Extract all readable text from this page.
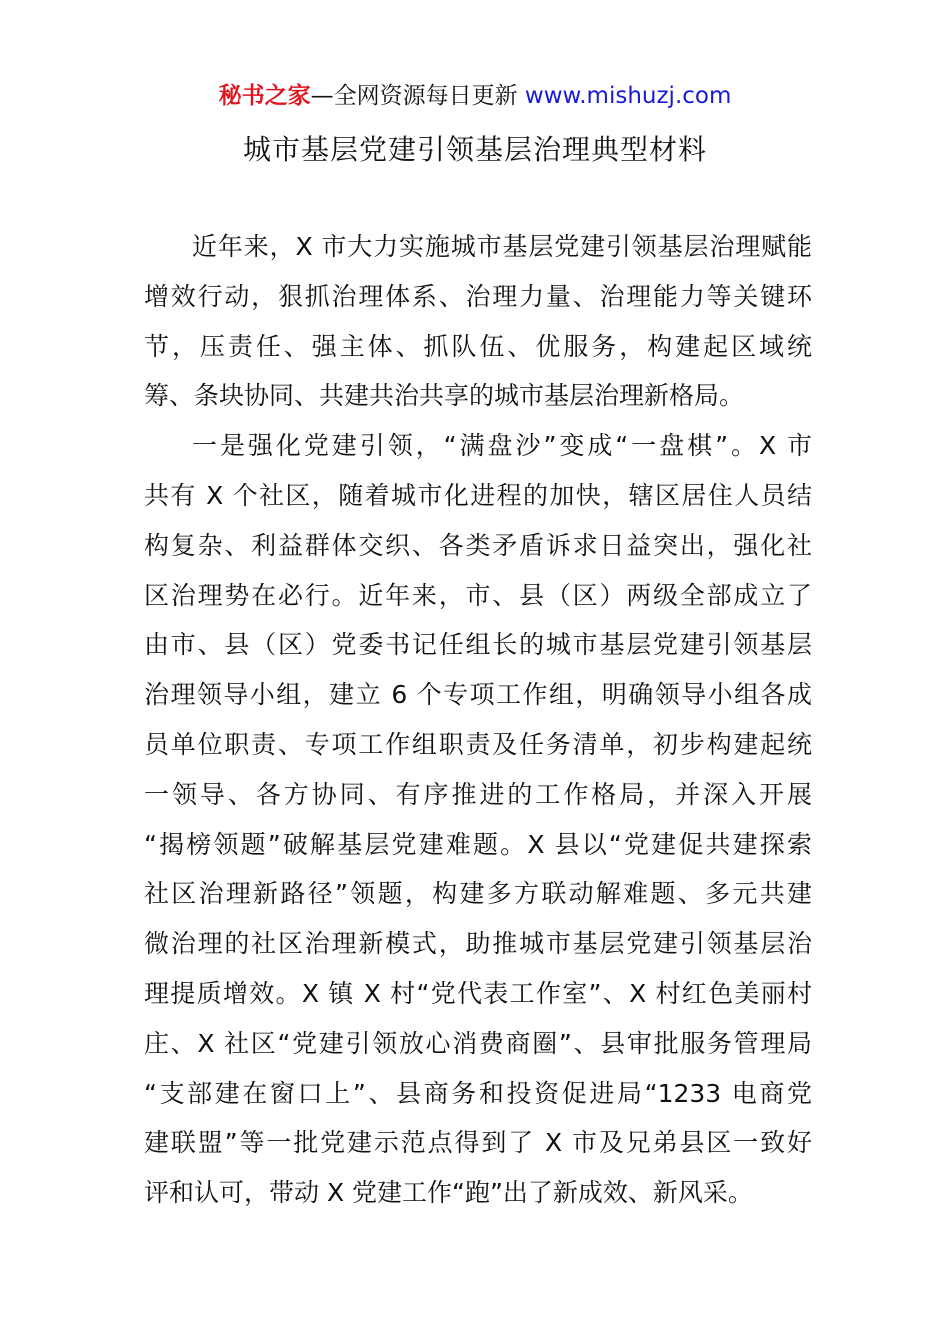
秘书之家—全网资源每日更新 www.mishuzj.com
城市基层党建引领基层治理典型材料
近年来，X 市大力实施城市基层党建引领基层治理赋能
增效行动，狠抓治理体系、治理力量、治理能力等关键环
节，压责任、强主体、抓队伍、优服务，构建起区域统
筹、条块协同、共建共治共享的城市基层治理新格局。
一是强化党建引领，“满盘沙”变成“一盘棋”。X 市
共有 X 个社区，随着城市化进程的加快，辖区居住人员结
构复杂、利益群体交织、各类矛盾诉求日益突出，强化社
区治理势在必行。近年来，市、县（区）两级全部成立了
由市、县（区）党委书记任组长的城市基层党建引领基层
治理领导小组，建立 6 个专项工作组，明确领导小组各成
员单位职责、专项工作组职责及任务清单，初步构建起统
一领导、各方协同、有序推进的工作格局，并深入开展
“揭榜领题”破解基层党建难题。X 县以“党建促共建探索
社区治理新路径”领题，构建多方联动解难题、多元共建
微治理的社区治理新模式，助推城市基层党建引领基层治
理提质增效。X 镇 X 村“党代表工作室”、X 村红色美丽村
庄、X 社区“党建引领放心消费商圈”、县审批服务管理局
“支部建在窗口上”、县商务和投资促进局“1233 电商党
建联盟”等一批党建示范点得到了 X 市及兄弟县区一致好
评和认可，带动 X 党建工作“跑”出了新成效、新风采。
